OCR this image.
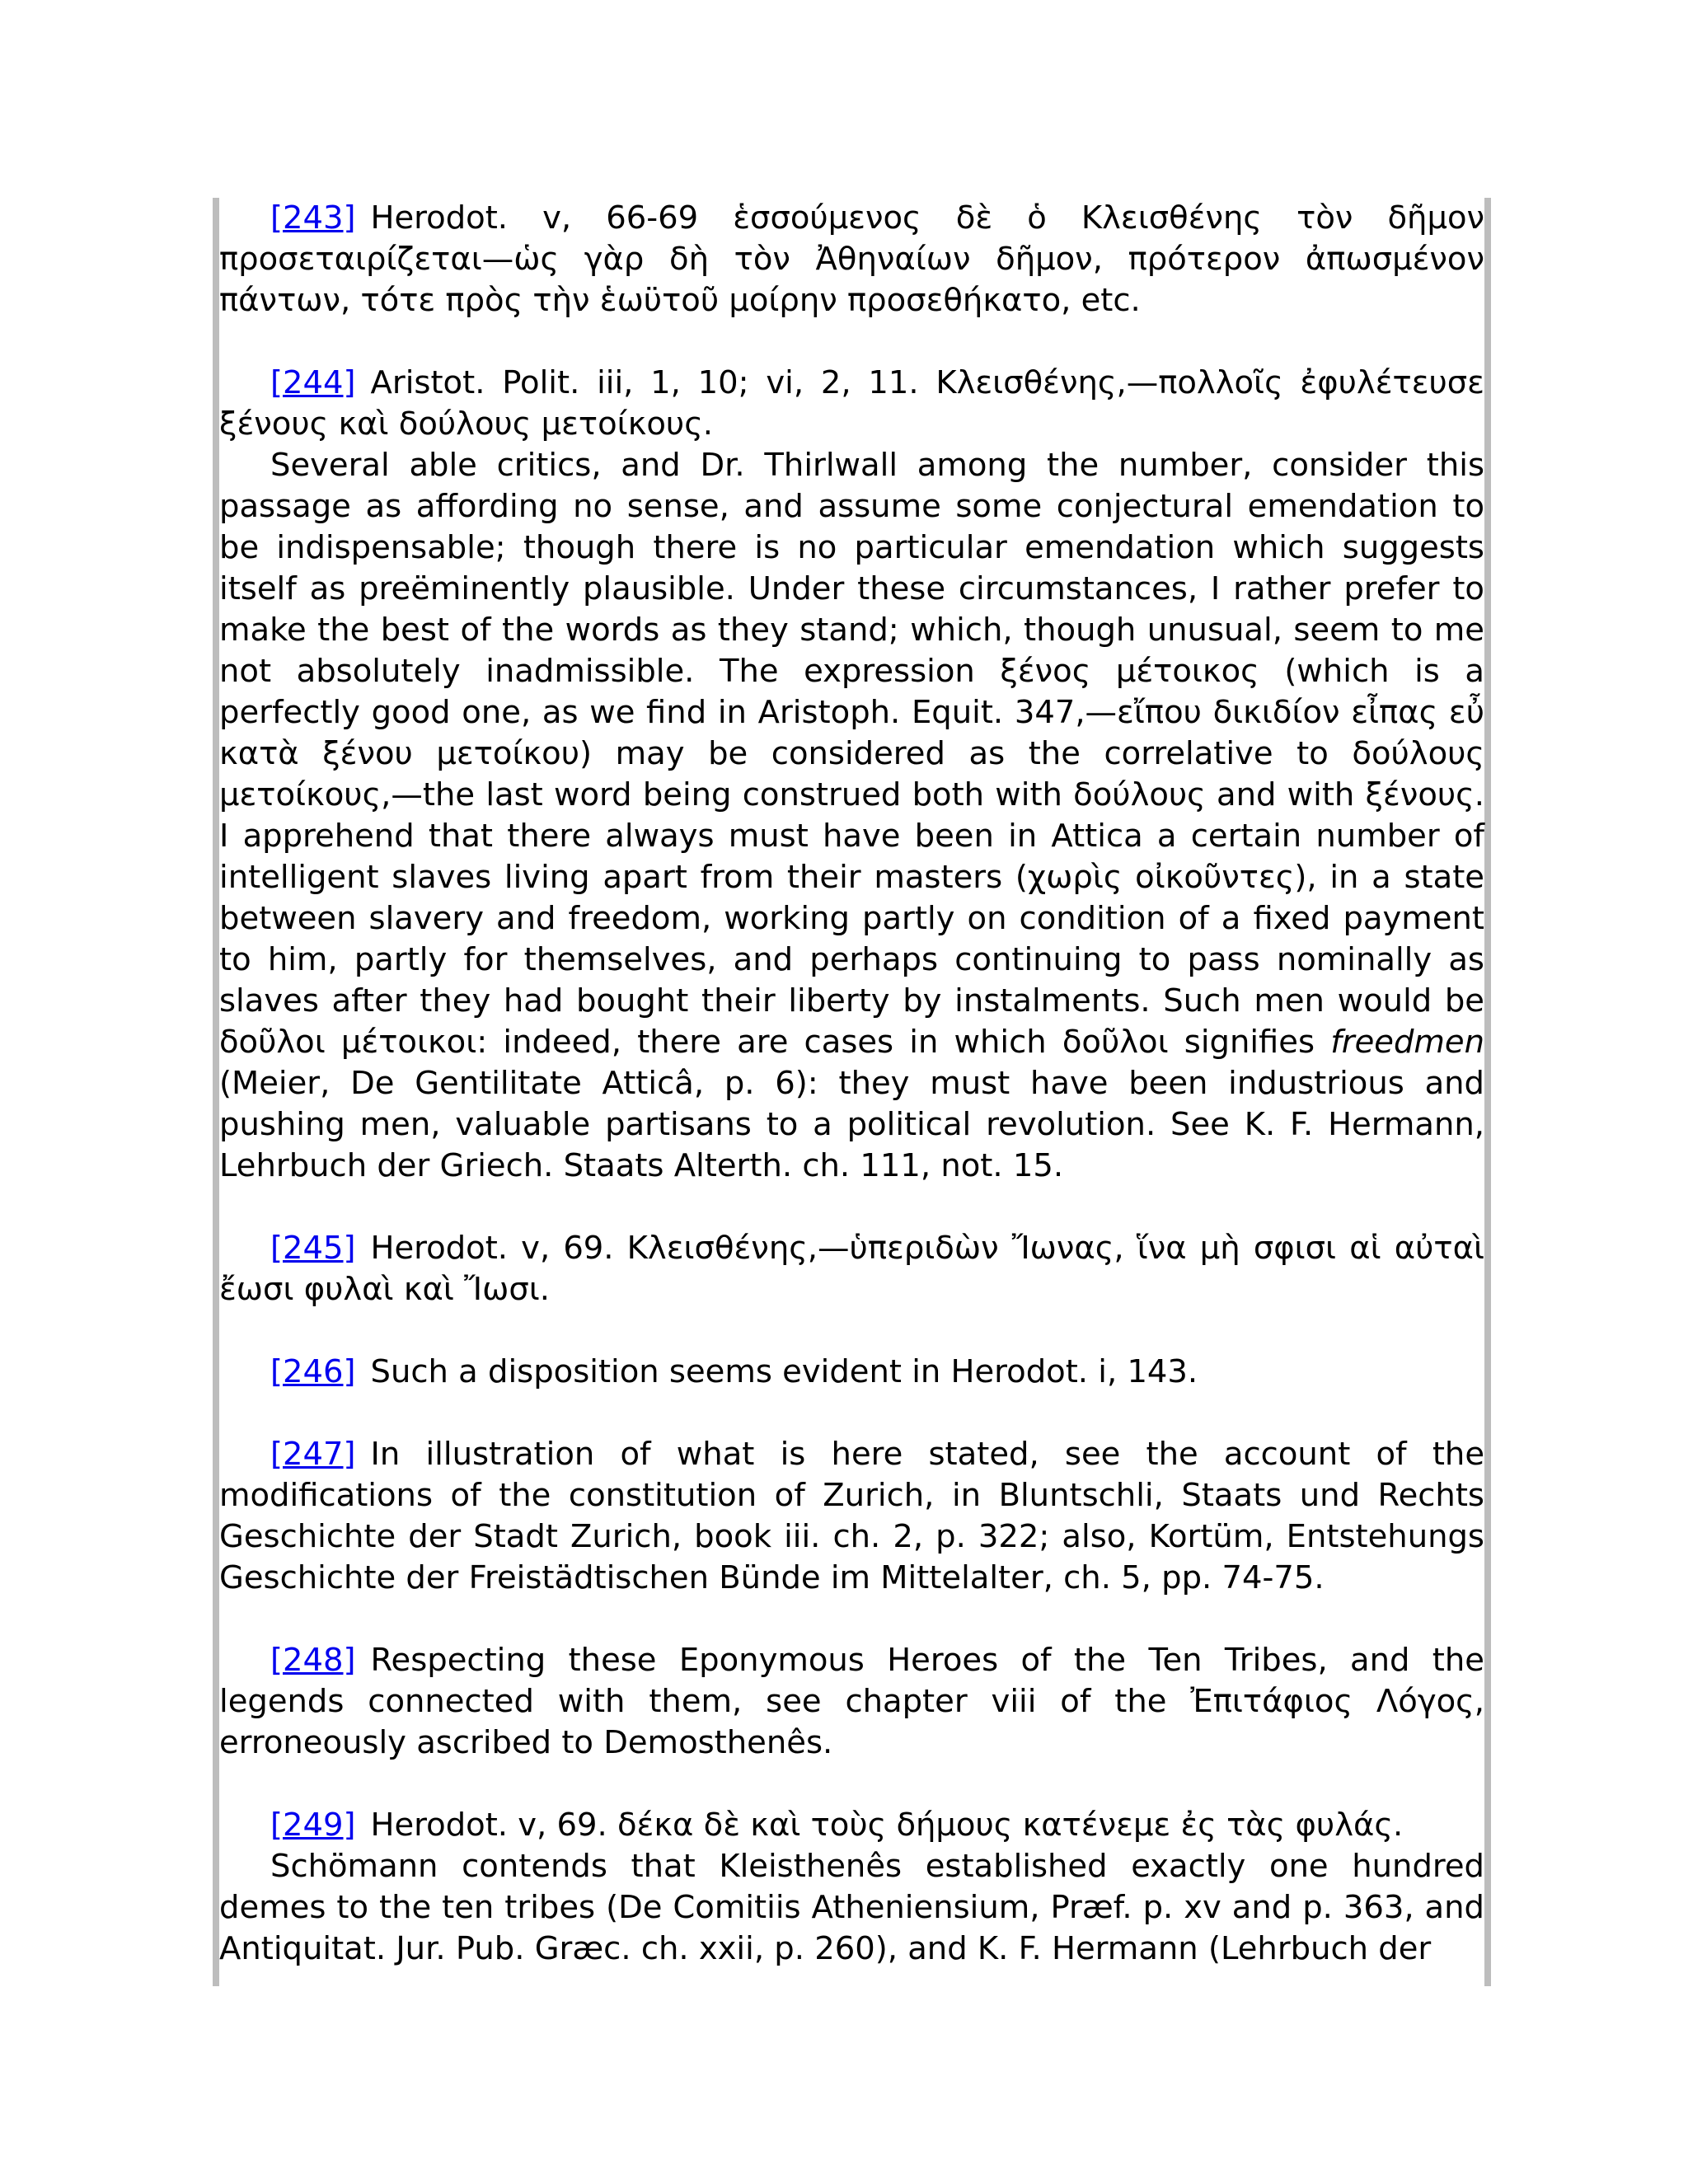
[243] Herodot. v, 66-69 ἑσσούμενος δὲ ὁ Κλεισθένης τὸν δῆμον προσεταιρίζεται—ὡς γὰρ δὴ τὸν Ἀθηναίων δῆμον, πρότερον ἀπωσμένον πάντων, τότε πρὸς τὴν ἑωϋτοῦ μοίρην προσεθήκατο, etc.

[244] Aristot. Polit. iii, 1, 10; vi, 2, 11. Κλεισθένης,—πολλοῖς ἐφυλέτευσε ξένους καὶ δούλους μετοίκους.

Several able critics, and Dr. Thirlwall among the number, consider this passage as affording no sense, and assume some conjectural emendation to be indispensable; though there is no particular emendation which suggests itself as preëminently plausible. Under these circumstances, I rather prefer to make the best of the words as they stand; which, though unusual, seem to me not absolutely inadmissible. The expression ξένος μέτοικος (which is a perfectly good one, as we find in Aristoph. Equit. 347,—εἴπου δικιδίον εἶπας εὖ κατὰ ξένου μετοίκου) may be considered as the correlative to δούλους μετοίκους,—the last word being construed both with δούλους and with ξένους. I apprehend that there always must have been in Attica a certain number of intelligent slaves living apart from their masters (χωρὶς οἰκοῦντες), in a state between slavery and freedom, working partly on condition of a fixed payment to him, partly for themselves, and perhaps continuing to pass nominally as slaves after they had bought their liberty by instalments. Such men would be δοῦλοι μέτοικοι: indeed, there are cases in which δοῦλοι signifies freedmen (Meier, De Gentilitate Atticâ, p. 6): they must have been industrious and pushing men, valuable partisans to a political revolution. See K. F. Hermann, Lehrbuch der Griech. Staats Alterth. ch. 111, not. 15.

[245] Herodot. v, 69. Κλεισθένης,—ὑπεριδὼν Ἴωνας, ἵνα μὴ σφισι αἱ αὐταὶ ἔωσι φυλαὶ καὶ Ἴωσι.

[246] Such a disposition seems evident in Herodot. i, 143.

[247] In illustration of what is here stated, see the account of the modifications of the constitution of Zurich, in Bluntschli, Staats und Rechts Geschichte der Stadt Zurich, book iii. ch. 2, p. 322; also, Kortüm, Entstehungs Geschichte der Freistädtischen Bünde im Mittelalter, ch. 5, pp. 74-75.

[248] Respecting these Eponymous Heroes of the Ten Tribes, and the legends connected with them, see chapter viii of the Ἐπιτάφιος Λόγος, erroneously ascribed to Demosthenês.

[249] Herodot. v, 69. δέκα δὲ καὶ τοὺς δήμους κατένεμε ἐς τὰς φυλάς.

Schömann contends that Kleisthenês established exactly one hundred demes to the ten tribes (De Comitiis Atheniensium, Præf. p. xv and p. 363, and Antiquitat. Jur. Pub. Græc. ch. xxii, p. 260), and K. F. Hermann (Lehrbuch der
